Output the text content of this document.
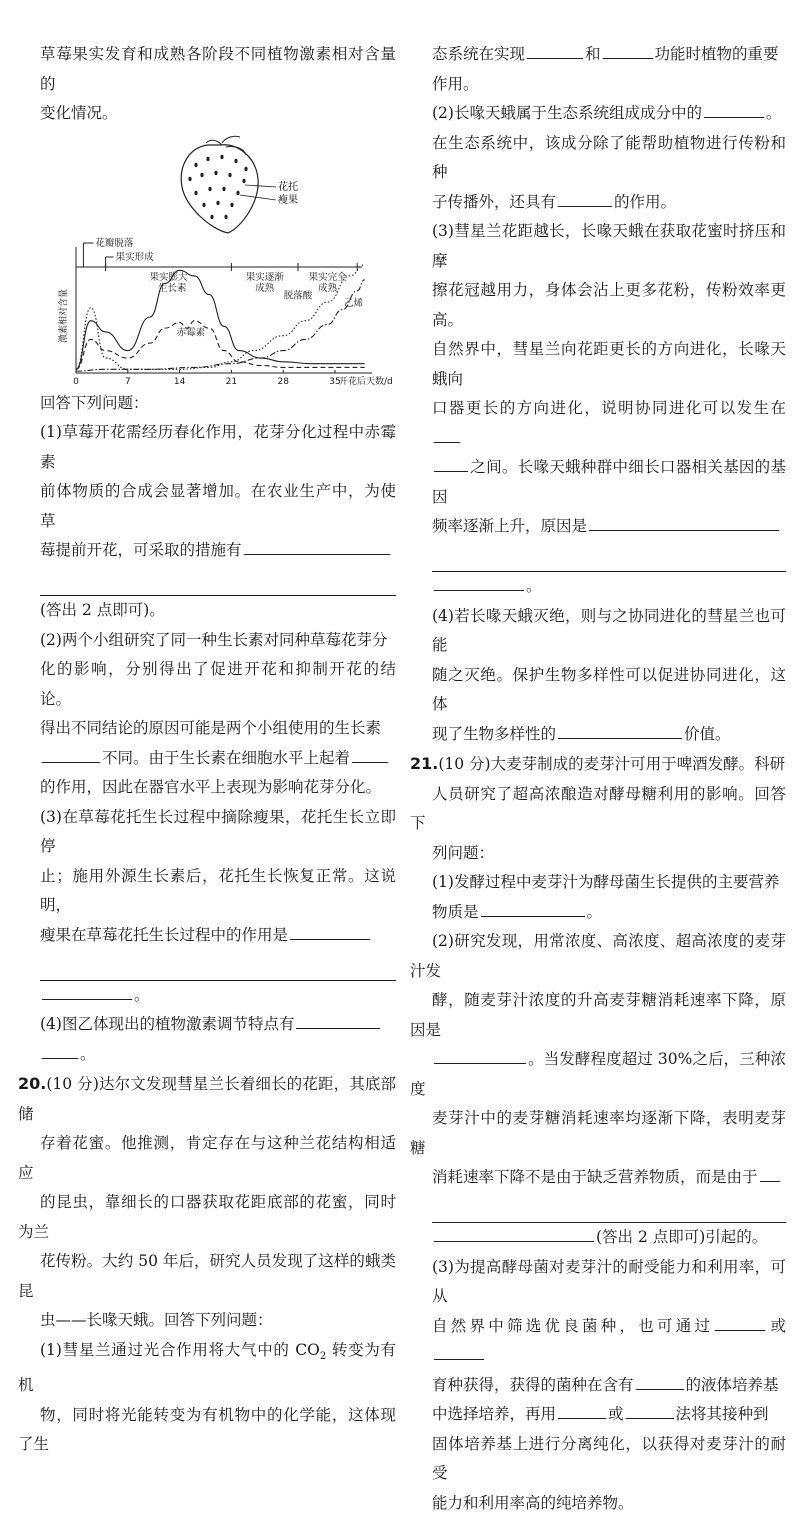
草莓果实发育和成熟各阶段不同植物激素相对含量的
变化情况。

花托
瘦果
激素相对含量
0	7	14	21	28	35
开花后天数/d
花瓣脱落
果实形成
果实膨大	果实逐渐
成熟
果实完全
成熟
生长素
赤霉素
脱落酸
乙烯

回答下列问题：

(1)草莓开花需经历春化作用，花芽分化过程中赤霉素
前体物质的合成会显著增加。在农业生产中，为使草
莓提前开花，可采取的措施有

(答出 2 点即可)。

(2)两个小组研究了同一种生长素对同种草莓花芽分
化的影响，分别得出了促进开花和抑制开花的结论。
得出不同结论的原因可能是两个小组使用的生长素
不同。由于生长素在细胞水平上起着
的作用，因此在器官水平上表现为影响花芽分化。

(3)在草莓花托生长过程中摘除瘦果，花托生长立即停
止；施用外源生长素后，花托生长恢复正常。这说明，
瘦果在草莓花托生长过程中的作用是

。

(4)图乙体现出的植物激素调节特点有
。

20.(10 分)达尔文发现彗星兰长着细长的花距，其底部储
存着花蜜。他推测，肯定存在与这种兰花结构相适应
的昆虫，靠细长的口器获取花距底部的花蜜，同时为兰
花传粉。大约 50 年后，研究人员发现了这样的蛾类昆
虫——长喙天蛾。回答下列问题：
(1)彗星兰通过光合作用将大气中的 $CO_2$ 转变为有机
物，同时将光能转变为有机物中的化学能，这体现了生

态系统在实现	和	功能时植物的重要
作用。
(2)长喙天蛾属于生态系统组成成分中的	。
在生态系统中，该成分除了能帮助植物进行传粉和种
子传播外，还具有	的作用。
(3)彗星兰花距越长，长喙天蛾在获取花蜜时挤压和摩
擦花冠越用力，身体会沾上更多花粉，传粉效率更高。
自然界中，彗星兰向花距更长的方向进化，长喙天蛾向
口器更长的方向进化，说明协同进化可以发生在
之间。长喙天蛾种群中细长口器相关基因的基因
频率逐渐上升，原因是

。

(4)若长喙天蛾灭绝，则与之协同进化的彗星兰也可能
随之灭绝。保护生物多样性可以促进协同进化，这体
现了生物多样性的	价值。

21.(10 分)大麦芽制成的麦芽汁可用于啤酒发酵。科研
人员研究了超高浓酿造对酵母糖利用的影响。回答下
列问题：
(1)发酵过程中麦芽汁为酵母菌生长提供的主要营养
物质是	。
(2)研究发现，用常浓度、高浓度、超高浓度的麦芽汁发
酵，随麦芽汁浓度的升高麦芽糖消耗速率下降，原因是
。当发酵程度超过 30%之后，三种浓度
麦芽汁中的麦芽糖消耗速率均逐渐下降，表明麦芽糖
消耗速率下降不是由于缺乏营养物质，而是由于

(答出 2 点即可)引起的。

(3)为提高酵母菌对麦芽汁的耐受能力和利用率，可从
自然界中筛选优良菌种，也可通过	或
育种获得，获得的菌种在含有	的液体培养基
中选择培养，再用	或	法将其接种到
固体培养基上进行分离纯化，以获得对麦芽汁的耐受
能力和利用率高的纯培养物。
